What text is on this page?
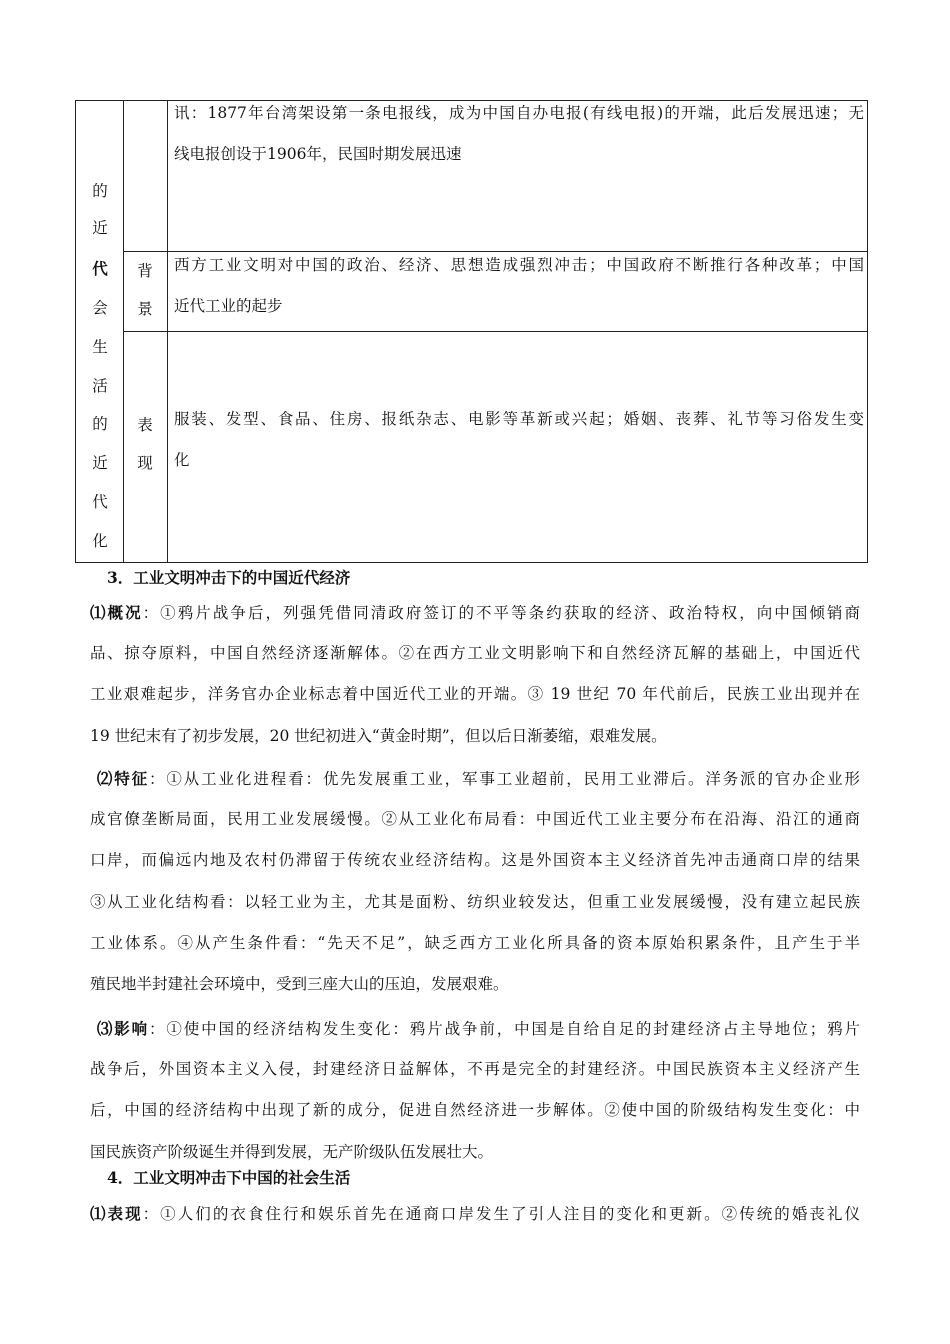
的
近
代
会
生
活
的
近
代
化
讯：1877年台湾架设第一条电报线，成为中国自办电报(有线电报)的开端，此后发展迅速；无
线电报创设于1906年，民国时期发展迅速
背
景
西方工业文明对中国的政治、经济、思想造成强烈冲击；中国政府不断推行各种改革；中国
近代工业的起步
表
现
服装、发型、食品、住房、报纸杂志、电影等革新或兴起；婚姻、丧葬、礼节等习俗发生变
化
3．工业文明冲击下的中国近代经济
⑴概况：①鸦片战争后，列强凭借同清政府签订的不平等条约获取的经济、政治特权，向中国倾销商
品、掠夺原料，中国自然经济逐渐解体。②在西方工业文明影响下和自然经济瓦解的基础上，中国近代
工业艰难起步，洋务官办企业标志着中国近代工业的开端。③ 19 世纪 70 年代前后，民族工业出现并在
19 世纪末有了初步发展，20 世纪初进入“黄金时期”，但以后日渐萎缩，艰难发展。
⑵特征：①从工业化进程看：优先发展重工业，军事工业超前，民用工业滞后。洋务派的官办企业形
成官僚垄断局面，民用工业发展缓慢。②从工业化布局看：中国近代工业主要分布在沿海、沿江的通商
口岸，而偏远内地及农村仍滞留于传统农业经济结构。这是外国资本主义经济首先冲击通商口岸的结果
③从工业化结构看：以轻工业为主，尤其是面粉、纺织业较发达，但重工业发展缓慢，没有建立起民族
工业体系。④从产生条件看：“先天不足”，缺乏西方工业化所具备的资本原始积累条件，且产生于半
殖民地半封建社会环境中，受到三座大山的压迫，发展艰难。
⑶影响：①使中国的经济结构发生变化：鸦片战争前，中国是自给自足的封建经济占主导地位；鸦片
战争后，外国资本主义入侵，封建经济日益解体，不再是完全的封建经济。中国民族资本主义经济产生
后，中国的经济结构中出现了新的成分，促进自然经济进一步解体。②使中国的阶级结构发生变化：中
国民族资产阶级诞生并得到发展，无产阶级队伍发展壮大。
4．工业文明冲击下中国的社会生活
⑴表现：①人们的衣食住行和娱乐首先在通商口岸发生了引人注目的变化和更新。②传统的婚丧礼仪
